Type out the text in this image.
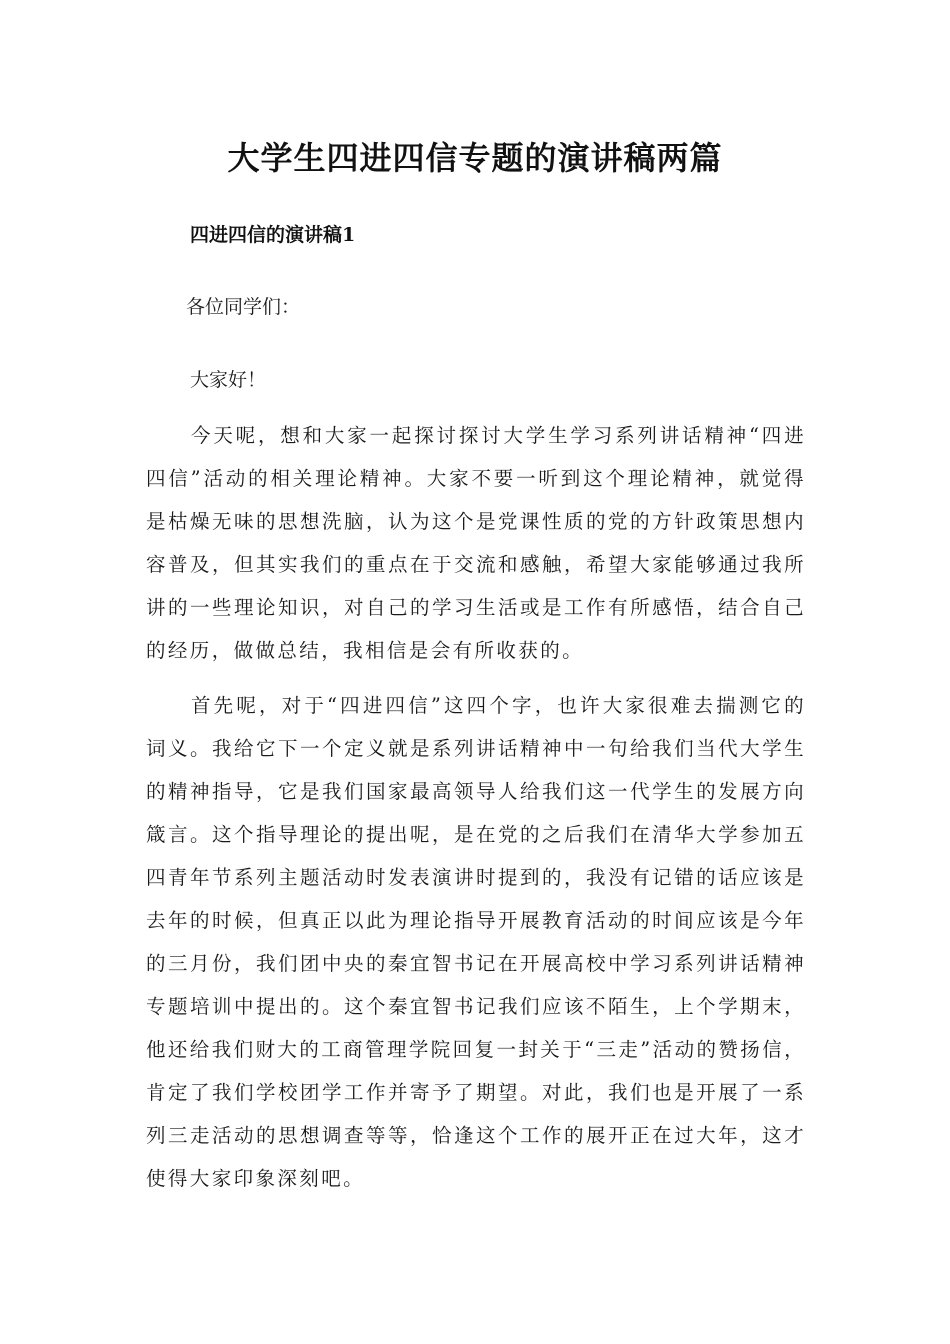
大学生四进四信专题的演讲稿两篇
四进四信的演讲稿1

各位同学们：

大家好！

今天呢，想和大家一起探讨探讨大学生学习系列讲话精神“四进四信”活动的相关理论精神。大家不要一听到这个理论精神，就觉得是枯燥无味的思想洗脑，认为这个是党课性质的党的方针政策思想内容普及，但其实我们的重点在于交流和感触，希望大家能够通过我所讲的一些理论知识，对自己的学习生活或是工作有所感悟，结合自己的经历，做做总结，我相信是会有所收获的。

首先呢，对于“四进四信”这四个字，也许大家很难去揣测它的词义。我给它下一个定义就是系列讲话精神中一句给我们当代大学生的精神指导，它是我们国家最高领导人给我们这一代学生的发展方向箴言。这个指导理论的提出呢，是在党的之后我们在清华大学参加五四青年节系列主题活动时发表演讲时提到的，我没有记错的话应该是去年的时候，但真正以此为理论指导开展教育活动的时间应该是今年的三月份，我们团中央的秦宜智书记在开展高校中学习系列讲话精神专题培训中提出的。这个秦宜智书记我们应该不陌生，上个学期末，他还给我们财大的工商管理学院回复一封关于“三走”活动的赞扬信，肯定了我们学校团学工作并寄予了期望。对此，我们也是开展了一系列三走活动的思想调查等等，恰逢这个工作的展开正在过大年，这才使得大家印象深刻吧。
